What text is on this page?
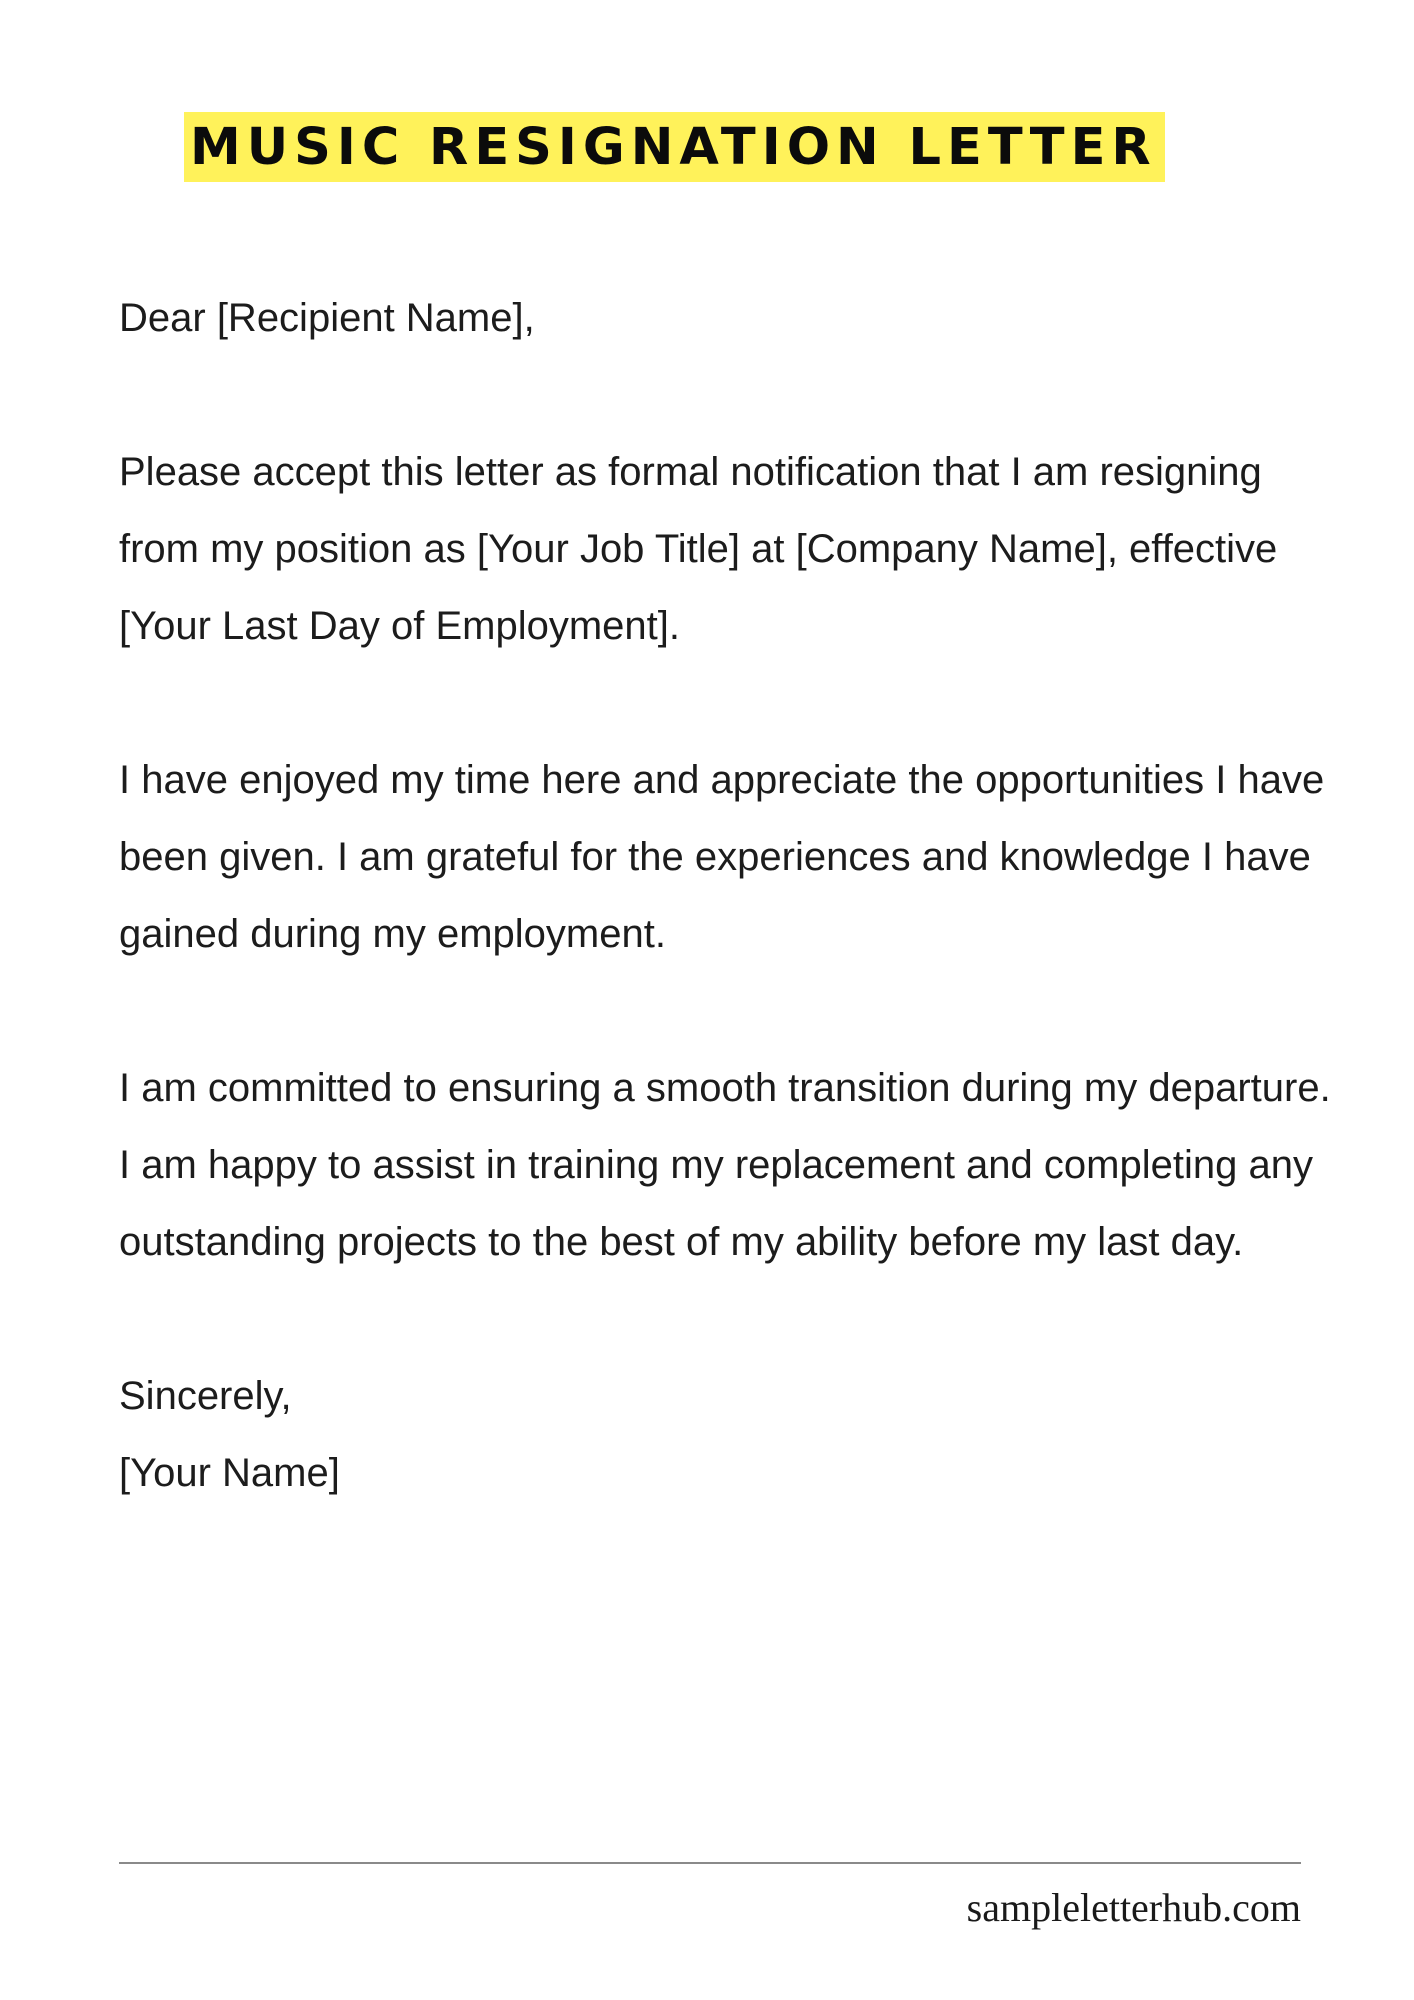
MUSIC RESIGNATION LETTER

Dear [Recipient Name],

Please accept this letter as formal notification that I am resigning from my position as [Your Job Title] at [Company Name], effective [Your Last Day of Employment].

I have enjoyed my time here and appreciate the opportunities I have been given. I am grateful for the experiences and knowledge I have gained during my employment.

I am committed to ensuring a smooth transition during my departure. I am happy to assist in training my replacement and completing any outstanding projects to the best of my ability before my last day.

Sincerely,

[Your Name]

sampleletterhub.com
